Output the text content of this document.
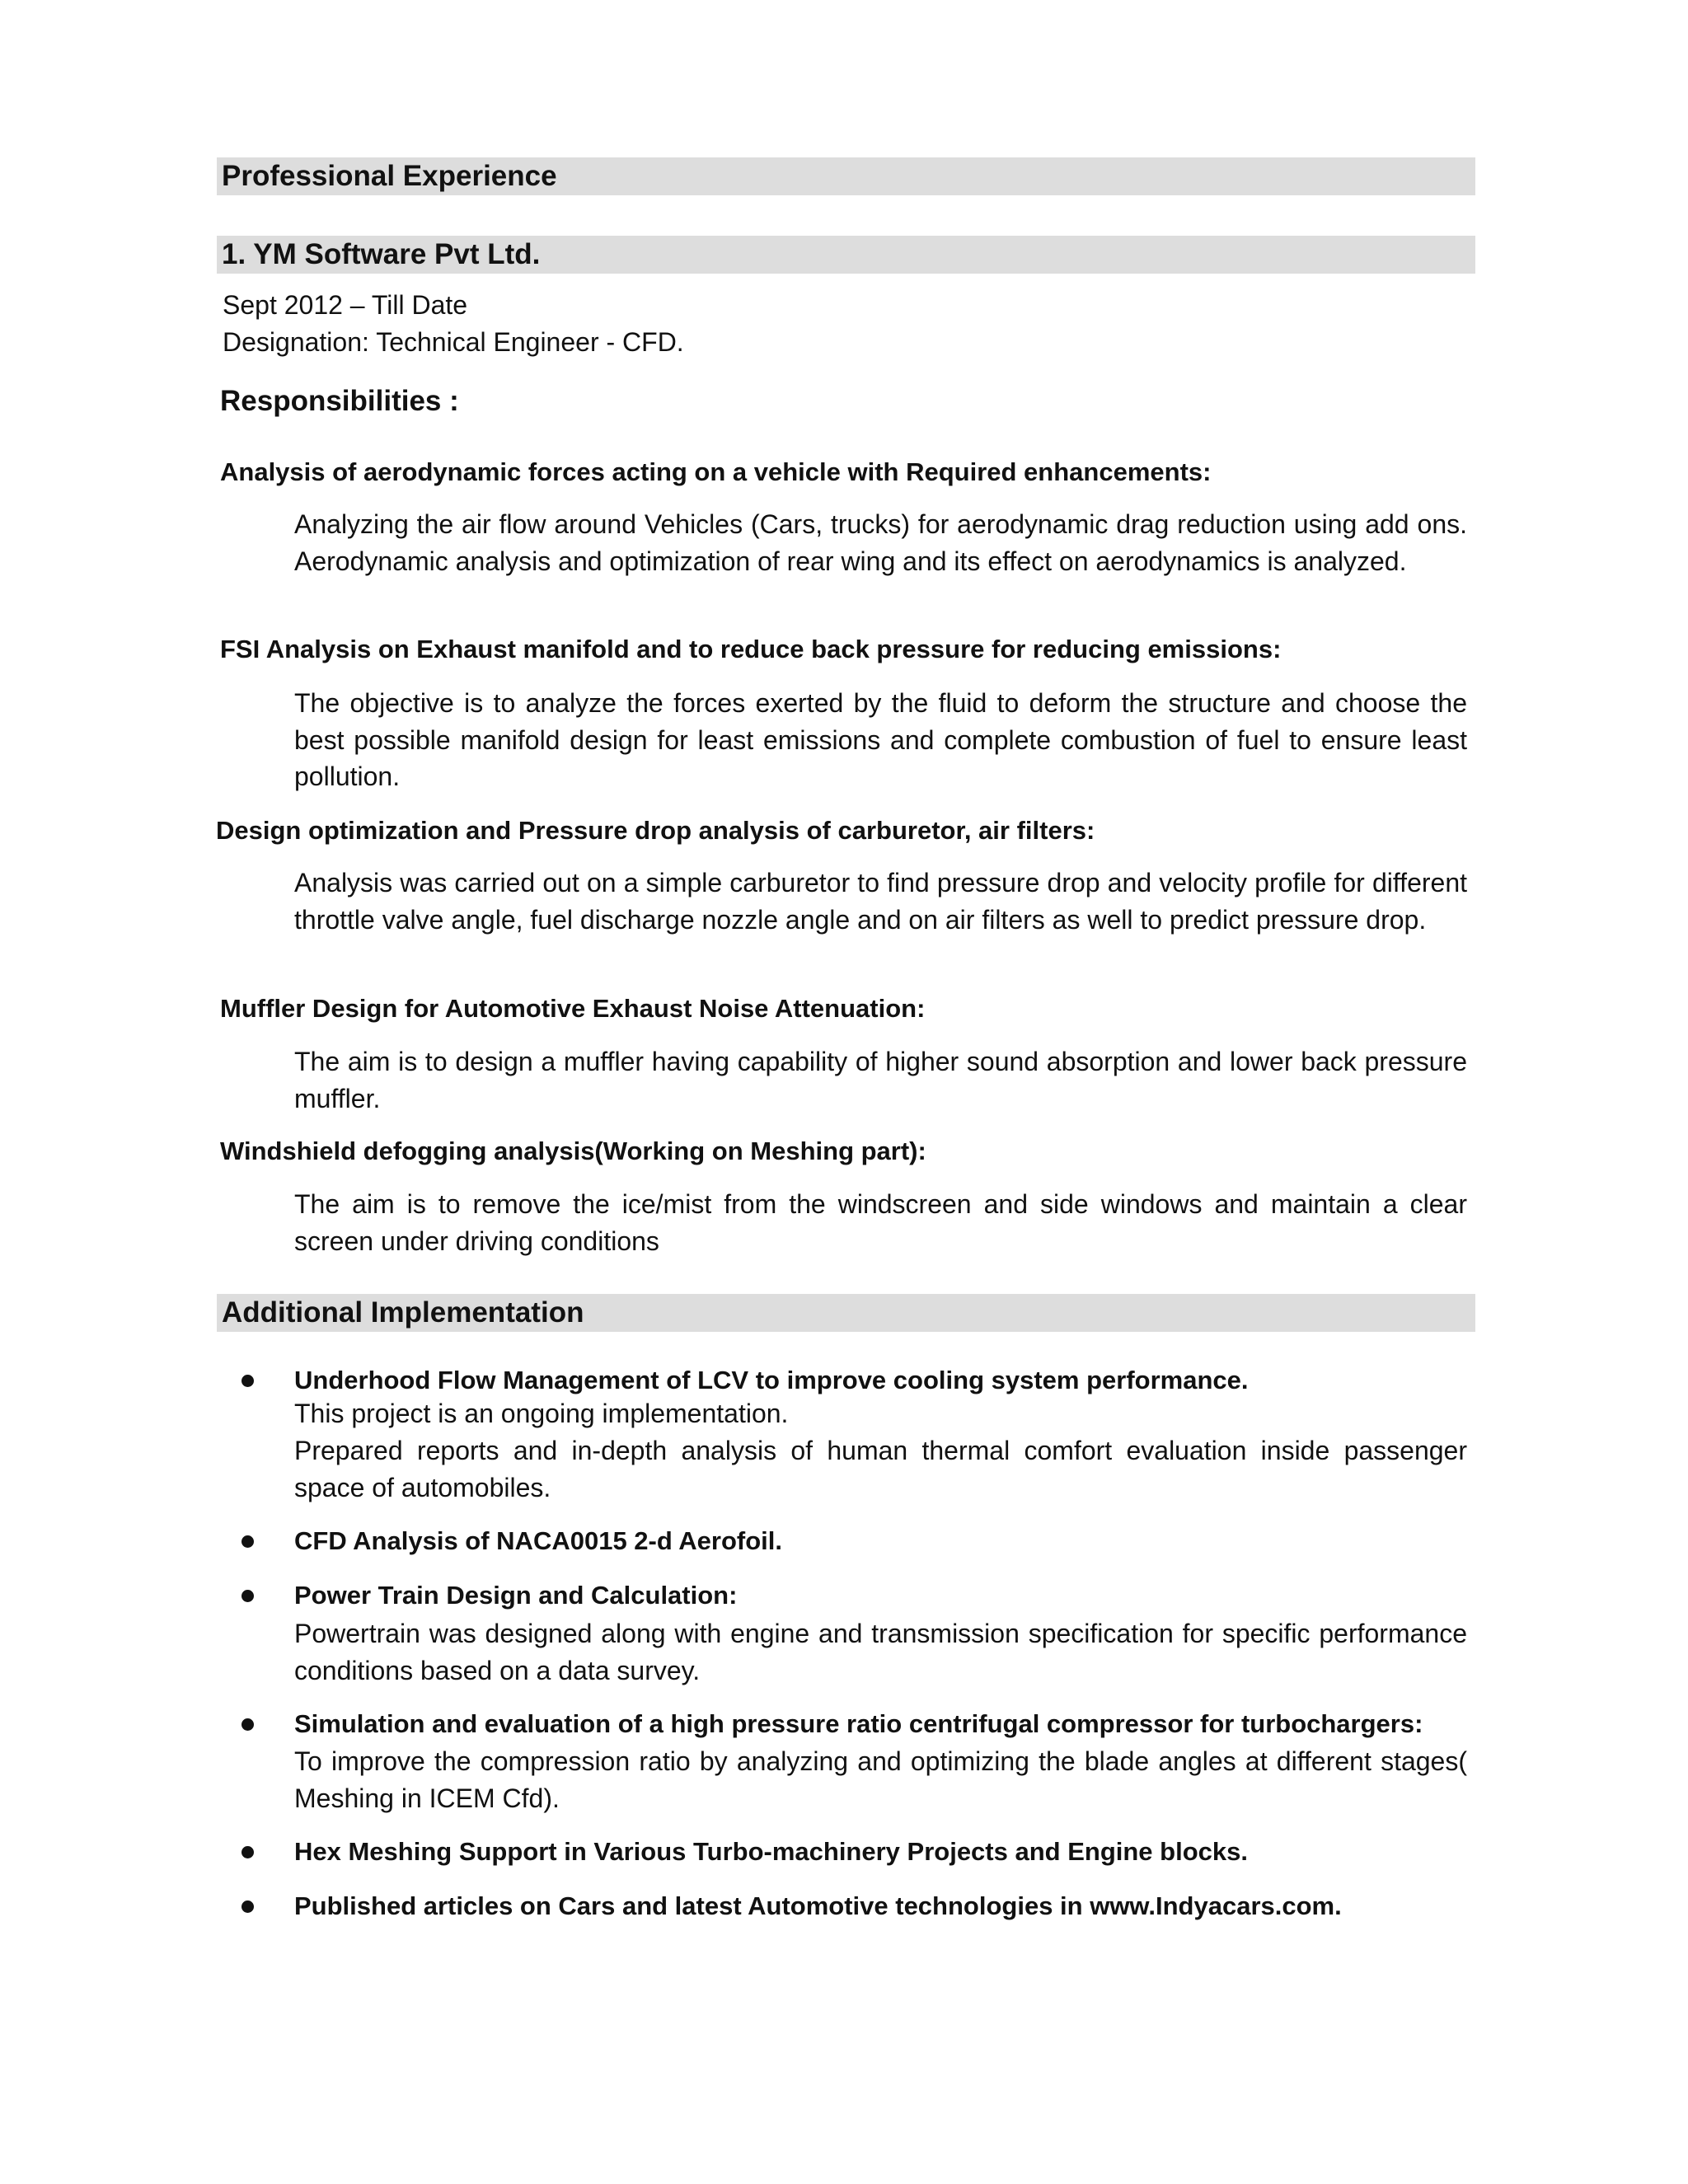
Professional Experience
1. YM Software Pvt Ltd.
Sept 2012 – Till Date
Designation: Technical Engineer - CFD.
Responsibilities :
Analysis of aerodynamic forces acting on a vehicle with Required enhancements:
Analyzing the air flow around Vehicles (Cars, trucks) for aerodynamic drag reduction using add ons. Aerodynamic analysis and optimization of rear wing and its effect on aerodynamics is analyzed.
FSI Analysis on Exhaust manifold and to reduce back pressure for reducing emissions:
The objective is to analyze the forces exerted by the fluid to deform the structure and choose the best possible manifold design for least emissions and complete combustion of fuel to ensure least pollution.
Design optimization and Pressure drop analysis of carburetor, air filters:
Analysis was carried out on a simple carburetor to find pressure drop and velocity profile for different throttle valve angle, fuel discharge nozzle angle and on air filters as well to predict pressure drop.
Muffler Design for Automotive Exhaust Noise Attenuation:
The aim is to design a muffler having capability of higher sound absorption and lower back pressure muffler.
Windshield defogging analysis(Working on Meshing part):
The aim is to remove the ice/mist from the windscreen and side windows and maintain a clear screen under driving conditions
Additional Implementation
Underhood Flow Management of LCV to improve cooling system performance.
This project is an ongoing implementation.
Prepared reports and in-depth analysis of human thermal comfort evaluation inside passenger space of automobiles.
CFD Analysis of NACA0015 2-d Aerofoil.
Power Train Design and Calculation:
Powertrain was designed along with engine and transmission specification for specific performance conditions based on a data survey.
Simulation and evaluation of a high pressure ratio centrifugal compressor for turbochargers:
To improve the compression ratio by analyzing and optimizing the blade angles at different stages( Meshing in ICEM Cfd).
Hex Meshing Support in Various Turbo-machinery Projects and Engine blocks.
Published articles on Cars and latest Automotive technologies in www.Indyacars.com.
